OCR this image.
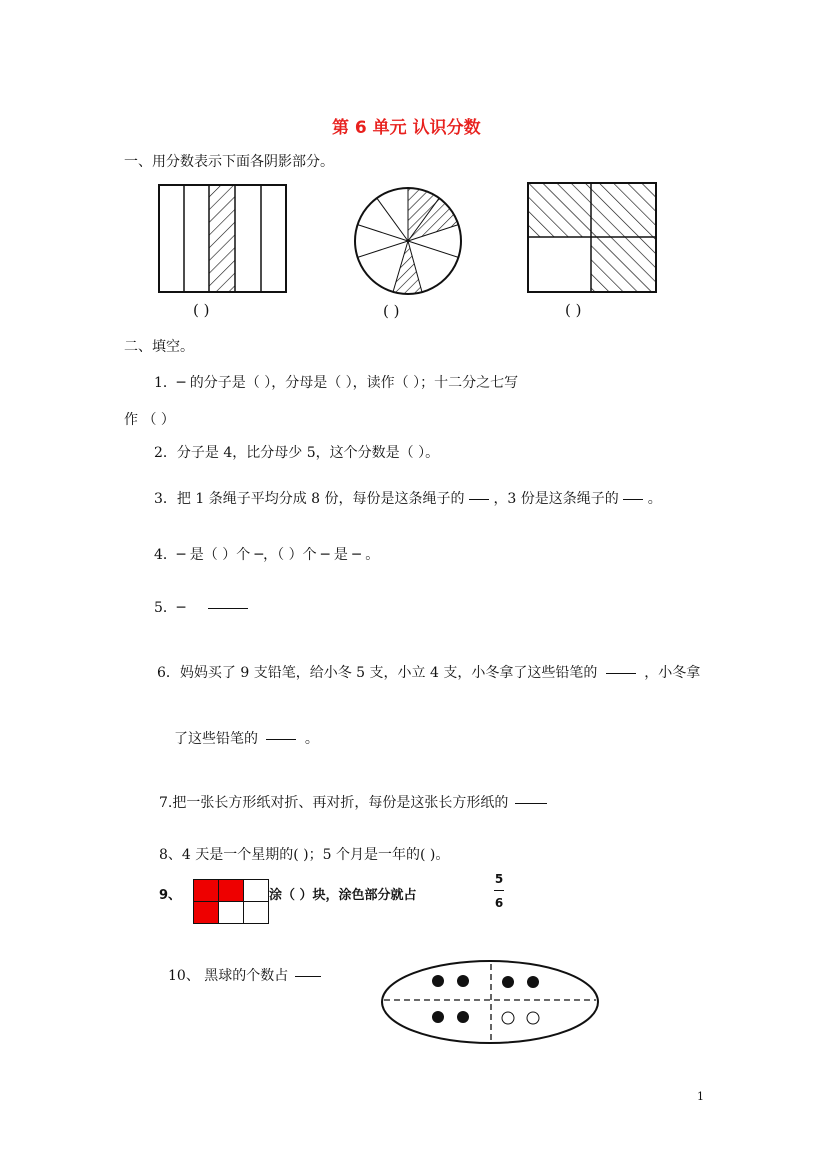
第 6 单元 认识分数
一、用分数表示下面各阴影部分。
( )	( )	( )
二、填空。
1．─ 的分子是（ ），分母是（ ），读作（ ）；十二分之七写
作 （ ）
2．分子是 4，比分母少 5，这个分数是（ ）。
3．把 1 条绳子平均分成 8 份，每份是这条绳子的 ，3 份是这条绳子的 。
4．─ 是（ ）个 ─，（ ）个 ─ 是 ─ 。
5．─
6．妈妈买了 9 支铅笔，给小冬 5 支，小立 4 支，小冬拿了这些铅笔的	，小冬拿
了这些铅笔的	。
7.把一张长方形纸对折、再对折，每份是这张长方形纸的
8、4 天是一个星期的( )；5 个月是一年的( )。
9、	涂（ ）块，涂色部分就占
5
6
10、 黑球的个数占
1
